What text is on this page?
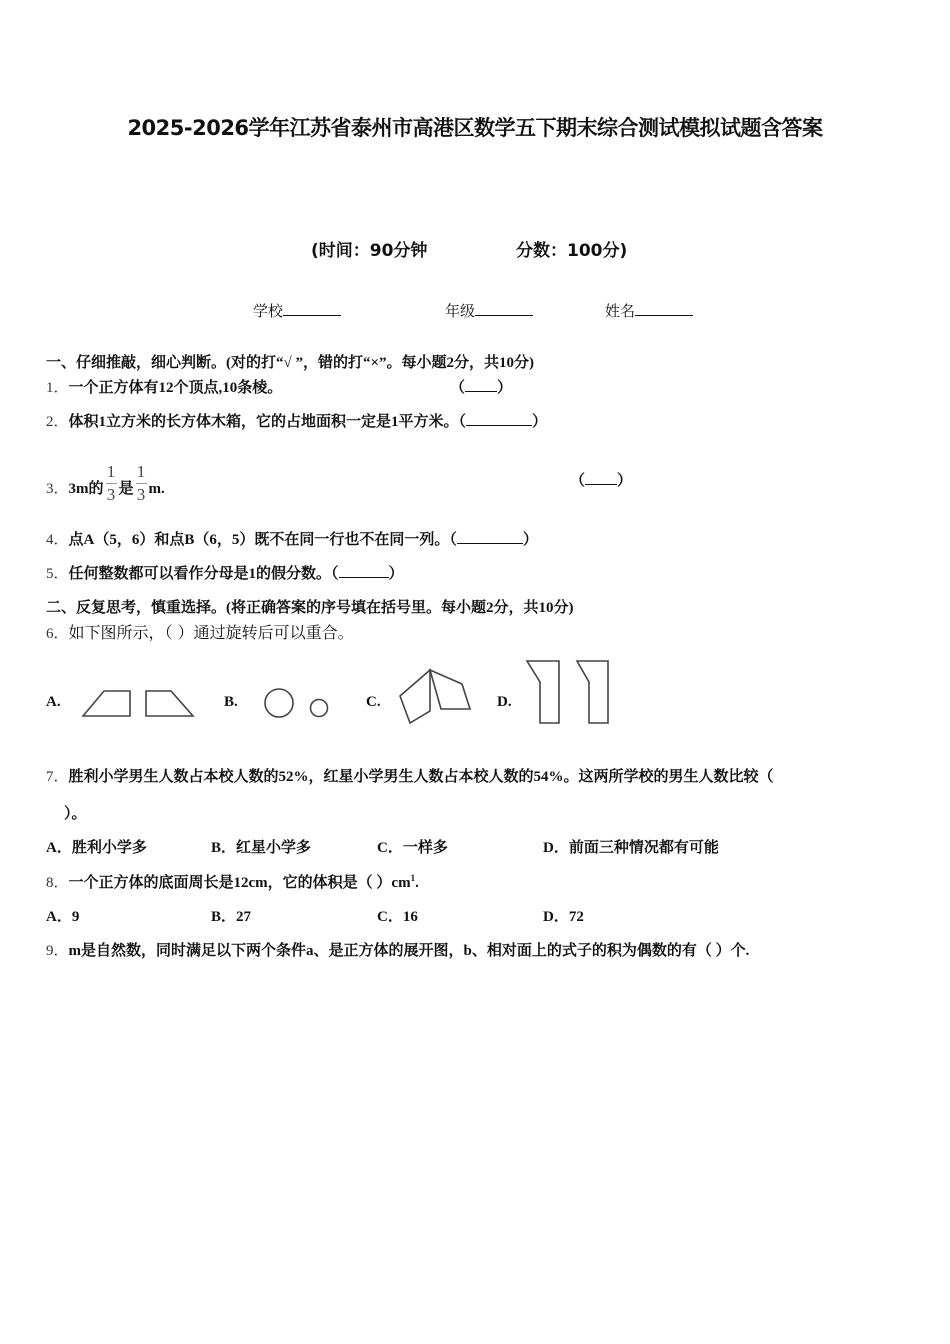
2025-2026学年江苏省泰州市高港区数学五下期末综合测试模拟试题含答案
(时间：90分钟	分数：100分)
学校	年级	姓名
一、仔细推敲，细心判断。(对的打“√ ”，错的打“×”。每小题2分，共10分)
1．一个正方体有12个顶点,10条棱。	（ ）
2．体积1立方米的长方体木箱，它的占地面积一定是1平方米。（	）
3．3m的 $\frac{1}{3}$ 是 $\frac{1}{3} m$.	（ ）
4．点A（5，6）和点B（6，5）既不在同一行也不在同一列。（	）
5．任何整数都可以看作分母是1的假分数。（	）
二、反复思考，慎重选择。(将正确答案的序号填在括号里。每小题2分，共10分)
6．如下图所示，（ ）通过旋转后可以重合。
A.	B.	C.	D.
7．胜利小学男生人数占本校人数的52%，红星小学男生人数占本校人数的54%。这两所学校的男生人数比较（
）。
A．胜利小学多	B．红星小学多	C．一样多	D．前面三种情况都有可能
8．一个正方体的底面周长是12cm，它的体积是（ ）$cm^1$.
A．9	B．27	C．16	D．72
9．m是自然数，同时满足以下两个条件a、是正方体的展开图，b、相对面上的式子的积为偶数的有（ ）个.
